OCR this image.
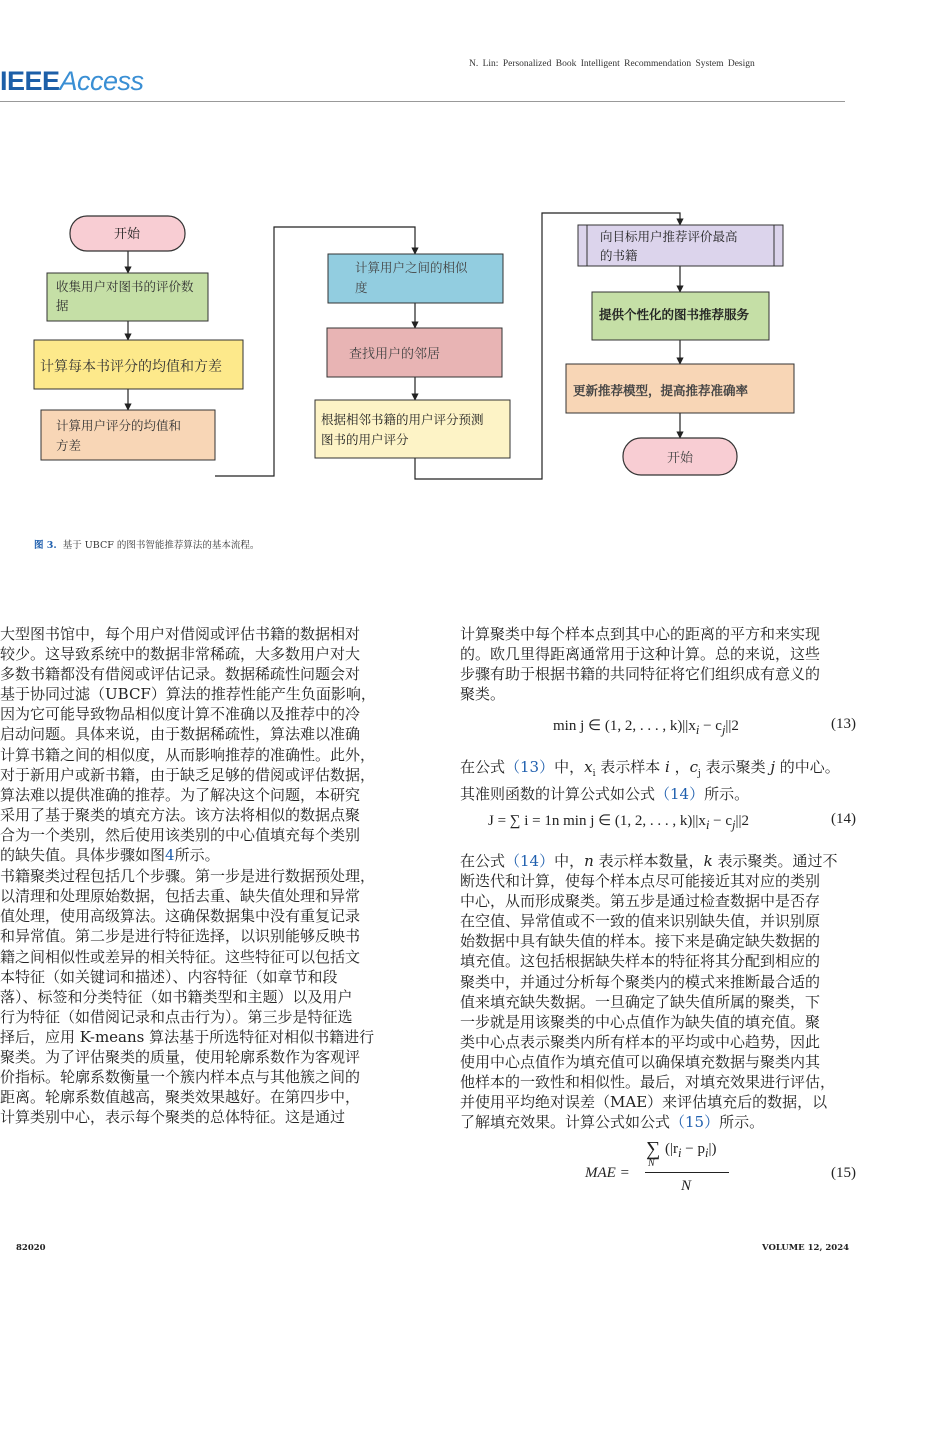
IEEEAccess
N. Lin: Personalized Book Intelligent Recommendation System Design
开始
收集用户对图书的评价数
据
计算每本书评分的均值和方差
计算用户评分的均值和
方差
计算用户之间的相似
度
查找用户的邻居
根据相邻书籍的用户评分预测
图书的用户评分
向目标用户推荐评价最高
的书籍
提供个性化的图书推荐服务
更新推荐模型，提高推荐准确率
开始
图 3. 基于 UBCF 的图书智能推荐算法的基本流程。

大型图书馆中，每个用户对借阅或评估书籍的数据相对
较少。这导致系统中的数据非常稀疏，大多数用户对大
多数书籍都没有借阅或评估记录。数据稀疏性问题会对
基于协同过滤（UBCF）算法的推荐性能产生负面影响，
因为它可能导致物品相似度计算不准确以及推荐中的冷
启动问题。具体来说，由于数据稀疏性，算法难以准确
计算书籍之间的相似度，从而影响推荐的准确性。此外，
对于新用户或新书籍，由于缺乏足够的借阅或评估数据，
算法难以提供准确的推荐。为了解决这个问题，本研究
采用了基于聚类的填充方法。该方法将相似的数据点聚
合为一个类别，然后使用该类别的中心值填充每个类别
的缺失值。具体步骤如图4所示。

书籍聚类过程包括几个步骤。第一步是进行数据预处理，
以清理和处理原始数据，包括去重、缺失值处理和异常
值处理，使用高级算法。这确保数据集中没有重复记录
和异常值。第二步是进行特征选择，以识别能够反映书
籍之间相似性或差异的相关特征。这些特征可以包括文
本特征（如关键词和描述）、内容特征（如章节和段
落）、标签和分类特征（如书籍类型和主题）以及用户
行为特征（如借阅记录和点击行为）。第三步是特征选
择后，应用 K-means 算法基于所选特征对相似书籍进行
聚类。为了评估聚类的质量，使用轮廓系数作为客观评
价指标。轮廓系数衡量一个簇内样本点与其他簇之间的
距离。轮廓系数值越高，聚类效果越好。在第四步中，
计算类别中心，表示每个聚类的总体特征。这是通过

计算聚类中每个样本点到其中心的距离的平方和来实现
的。欧几里得距离通常用于这种计算。总的来说，这些
步骤有助于根据书籍的共同特征将它们组织成有意义的
聚类。

min j ∈ (1, 2, . . . , $k)||x_i - c_j||2$	(13)
在公式（13）中，$x_i$ 表示样本 i ，$c_j$ 表示聚类 j 的中心。
其准则函数的计算公式如公式（14）所示。
J = ∑ i = 1n min j ∈ (1, 2, . . . , $k)||x_i - c_j||2$	(14)
在公式（14）中，n 表示样本数量，k 表示聚类。通过不
断迭代和计算，使每个样本点尽可能接近其对应的类别
中心，从而形成聚类。第五步是通过检查数据中是否存
在空值、异常值或不一致的值来识别缺失值，并识别原
始数据中具有缺失值的样本。接下来是确定缺失数据的
填充值。这包括根据缺失样本的特征将其分配到相应的
聚类中，并通过分析每个聚类内的模式来推断最合适的
值来填充缺失数据。一旦确定了缺失值所属的聚类，下
一步就是用该聚类的中心点值作为缺失值的填充值。聚
类中心点表示聚类内所有样本的平均或中心趋势，因此
使用中心点值作为填充值可以确保填充数据与聚类内其
他样本的一致性和相似性。最后，对填充效果进行评估，
并使用平均绝对误差（MAE）来评估填充后的数据，以
了解填充效果。计算公式如公式（15）所示。
MAE =
∑
N
$(|r_i - p_i|)$
N
(15)
82020	VOLUME 12, 2024
